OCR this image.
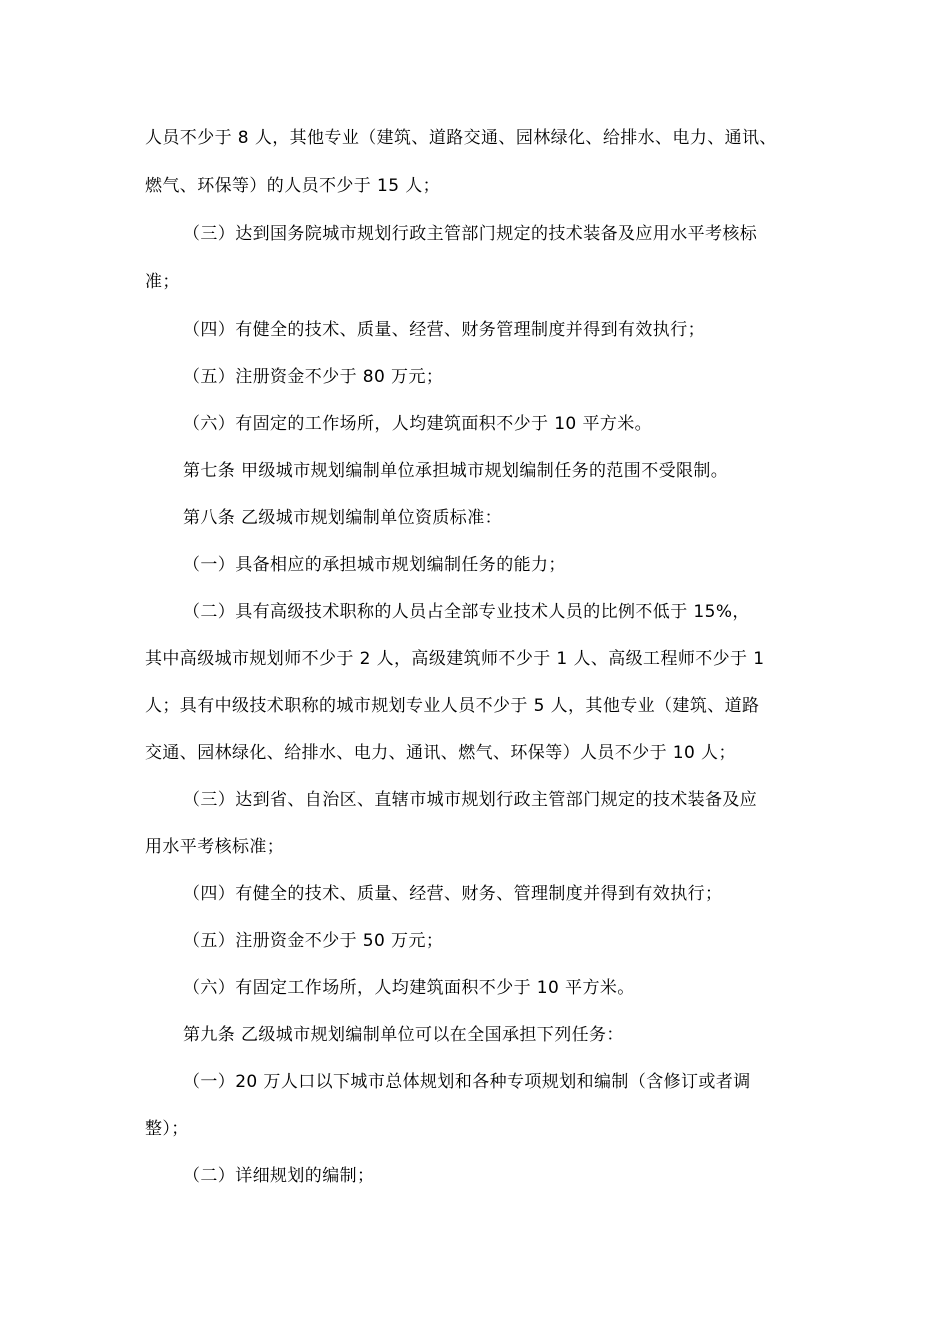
人员不少于 8 人，其他专业（建筑、道路交通、园林绿化、给排水、电力、通讯、
燃气、环保等）的人员不少于 15 人；
（三）达到国务院城市规划行政主管部门规定的技术装备及应用水平考核标
准；
（四）有健全的技术、质量、经营、财务管理制度并得到有效执行；
（五）注册资金不少于 80 万元；
（六）有固定的工作场所，人均建筑面积不少于 10 平方米。
第七条 甲级城市规划编制单位承担城市规划编制任务的范围不受限制。
第八条 乙级城市规划编制单位资质标准：
（一）具备相应的承担城市规划编制任务的能力；
（二）具有高级技术职称的人员占全部专业技术人员的比例不低于 15%，
其中高级城市规划师不少于 2 人，高级建筑师不少于 1 人、高级工程师不少于 1
人；具有中级技术职称的城市规划专业人员不少于 5 人，其他专业（建筑、道路
交通、园林绿化、给排水、电力、通讯、燃气、环保等）人员不少于 10 人；
（三）达到省、自治区、直辖市城市规划行政主管部门规定的技术装备及应
用水平考核标准；
（四）有健全的技术、质量、经营、财务、管理制度并得到有效执行；
（五）注册资金不少于 50 万元；
（六）有固定工作场所，人均建筑面积不少于 10 平方米。
第九条 乙级城市规划编制单位可以在全国承担下列任务：
（一）20 万人口以下城市总体规划和各种专项规划和编制（含修订或者调
整）；
（二）详细规划的编制；
